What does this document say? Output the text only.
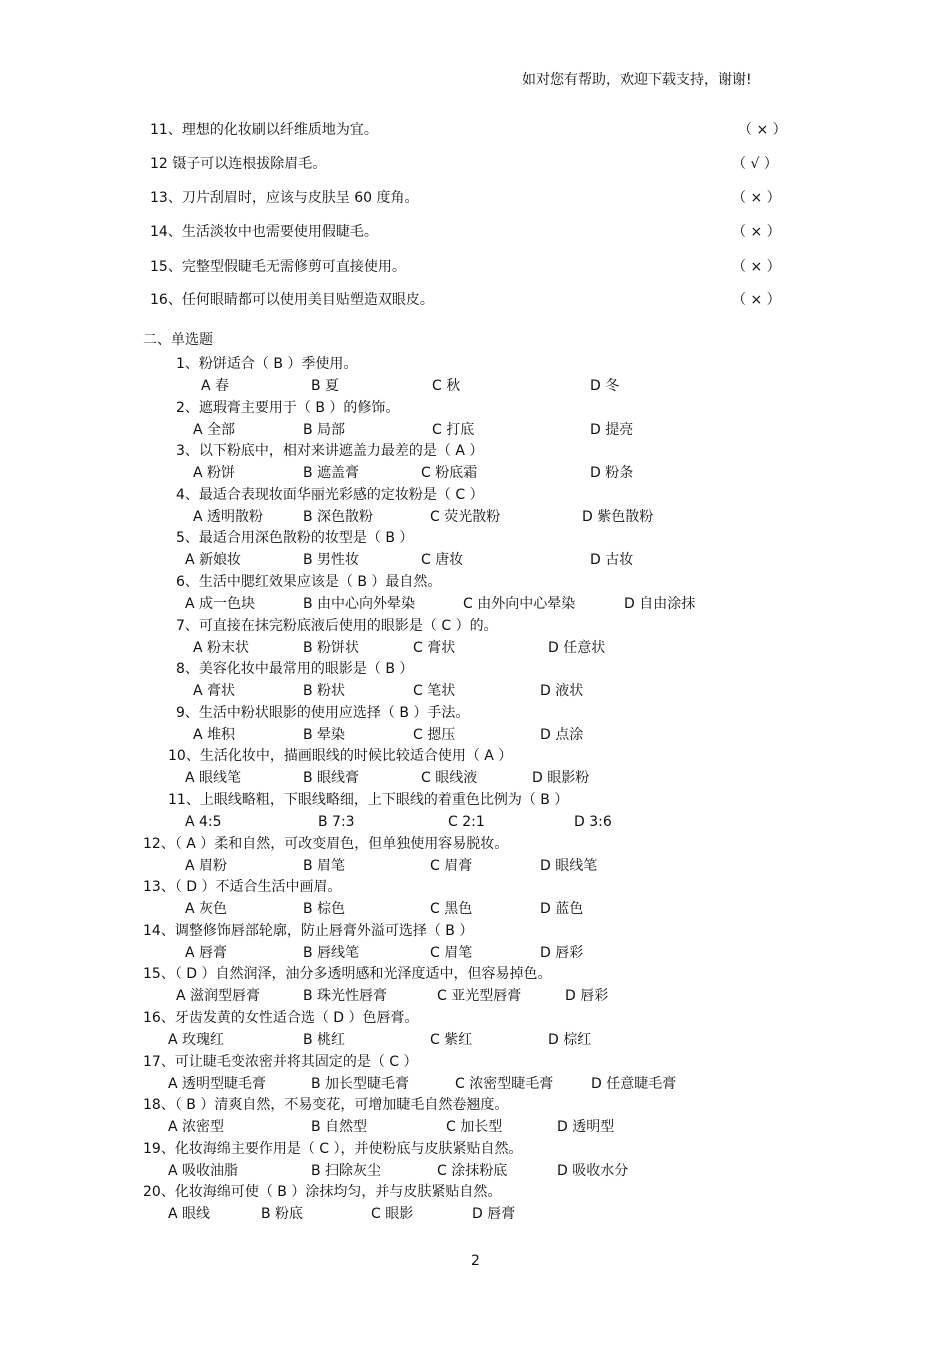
如对您有帮助，欢迎下载支持，谢谢!
11、理想的化妆刷以纤维质地为宜。	（ × ）
12 镊子可以连根拔除眉毛。	（ √ ）
13、刀片刮眉时，应该与皮肤呈 60 度角。	（ × ）
14、生活淡妆中也需要使用假睫毛。	（ × ）
15、完整型假睫毛无需修剪可直接使用。	（ × ）
16、任何眼睛都可以使用美目贴塑造双眼皮。	（ × ）
二、单选题
1、粉饼适合（ B ）季使用。
A 春	B 夏	C 秋	D 冬
2、遮瑕膏主要用于（ B ）的修饰。
A 全部	B 局部	C 打底	D 提亮
3、以下粉底中，相对来讲遮盖力最差的是（ A ）
A 粉饼	B 遮盖膏	C 粉底霜	D 粉条
4、最适合表现妆面华丽光彩感的定妆粉是（ C ）
A 透明散粉	B 深色散粉	C 荧光散粉	D 紫色散粉
5、最适合用深色散粉的妆型是（ B ）
A 新娘妆	B 男性妆	C 唐妆	D 古妆
6、生活中腮红效果应该是（ B ）最自然。
A 成一色块	B 由中心向外晕染	C 由外向中心晕染	D 自由涂抹
7、可直接在抹完粉底液后使用的眼影是（ C ）的。
A 粉末状	B 粉饼状	C 膏状	D 任意状
8、美容化妆中最常用的眼影是（ B ）
A 膏状	B 粉状	C 笔状	D 液状
9、生活中粉状眼影的使用应选择（ B ）手法。
A 堆积	B 晕染	C 摁压	D 点涂
10、生活化妆中，描画眼线的时候比较适合使用（ A ）
A 眼线笔	B 眼线膏	C 眼线液	D 眼影粉
11、上眼线略粗，下眼线略细，上下眼线的着重色比例为（ B ）
A 4:5	B 7:3	C 2:1	D 3:6
12、（ A ）柔和自然，可改变眉色，但单独使用容易脱妆。
A 眉粉	B 眉笔	C 眉膏	D 眼线笔
13、（ D ）不适合生活中画眉。
A 灰色	B 棕色	C 黑色	D 蓝色
14、调整修饰唇部轮廓，防止唇膏外溢可选择（ B ）
A 唇膏	B 唇线笔	C 眉笔	D 唇彩
15、（ D ）自然润泽，油分多透明感和光泽度适中，但容易掉色。
A 滋润型唇膏	B 珠光性唇膏	C 亚光型唇膏	D 唇彩
16、牙齿发黄的女性适合选（ D ）色唇膏。
A 玫瑰红	B 桃红	C 紫红	D 棕红
17、可让睫毛变浓密并将其固定的是（ C ）
A 透明型睫毛膏	B 加长型睫毛膏	C 浓密型睫毛膏	D 任意睫毛膏
18、（ B ）清爽自然，不易变花，可增加睫毛自然卷翘度。
A 浓密型	B 自然型	C 加长型	D 透明型
19、化妆海绵主要作用是（ C ），并使粉底与皮肤紧贴自然。
A 吸收油脂	B 扫除灰尘	C 涂抹粉底	D 吸收水分
20、化妆海绵可使（ B ）涂抹均匀，并与皮肤紧贴自然。
A 眼线	B 粉底	C 眼影	D 唇膏
2
